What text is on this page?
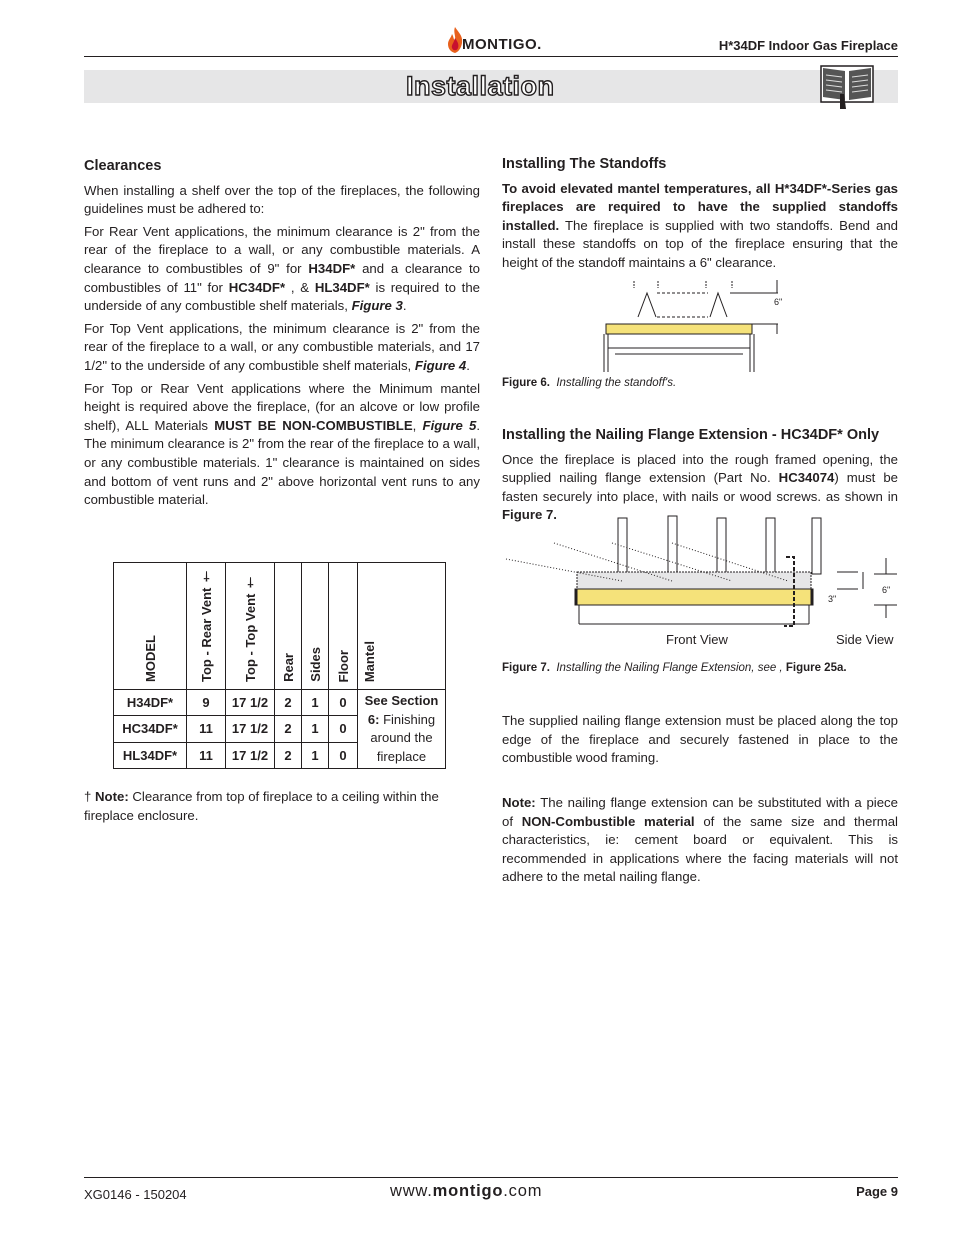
MONTIGO.	H*34DF Indoor Gas Fireplace
Installation
Clearances

When installing a shelf over the top of the fireplaces, the following guidelines must be adhered to:

For Rear Vent applications, the minimum clearance is 2" from the rear of the fireplace to a wall, or any combustible materials. A clearance to combustibles of 9" for H34DF* and a clearance to combustibles of 11" for HC34DF* , & HL34DF* is required to the underside of any combustible shelf materials, Figure 3.

For Top Vent applications, the minimum clearance is 2" from the rear of the fireplace to a wall, or any combustible materials, and 17 1/2" to the underside of any combustible shelf materials, Figure 4.

For Top or Rear Vent applications where the Minimum mantel height is required above the fireplace, (for an alcove or low profile shelf), ALL Materials MUST BE NON-COMBUSTIBLE, Figure 5. The minimum clearance is 2" from the rear of the fireplace to a wall, or any combustible materials. 1" clearance is maintained on sides and bottom of vent runs and 2" above horizontal vent runs to any combustible material.

MODEL	Top - Rear Vent †	Top - Top Vent †	Rear	Sides	Floor	Mantel
H34DF*	9	17 1/2	2	1	0	See Section 6: Finishing around the fireplace
HC34DF*	11	17 1/2	2	1	0	
HL34DF*	11	17 1/2	2	1	0	

† Note: Clearance from top of fireplace to a ceiling within the fireplace enclosure.

Installing The Standoffs

To avoid elevated mantel temperatures, all H*34DF*-Series gas fireplaces are required to have the supplied standoffs installed. The fireplace is supplied with two standoffs. Bend and install these standoffs on top of the fireplace ensuring that the height of the standoff maintains a 6" clearance.

6"
Figure 6. Installing the standoff's.
Installing the Nailing Flange Extension - HC34DF* Only

Once the fireplace is placed into the rough framed opening, the supplied nailing flange extension (Part No. HC34074) must be fasten securely into place, with nails or wood screws. as shown in Figure 7.

3"
6"
Front View	Side View
Figure 7. Installing the Nailing Flange Extension, see , Figure 25a.

The supplied nailing flange extension must be placed along the top edge of the fireplace and securely fastened in place to the combustible wood framing.

Note: The nailing flange extension can be substituted with a piece of NON-Combustible material of the same size and thermal characteristics, ie: cement board or equivalent. This is recommended in applications where the facing materials will not adhere to the metal nailing flange.

XG0146 - 150204	www.montigo.com	Page 9
